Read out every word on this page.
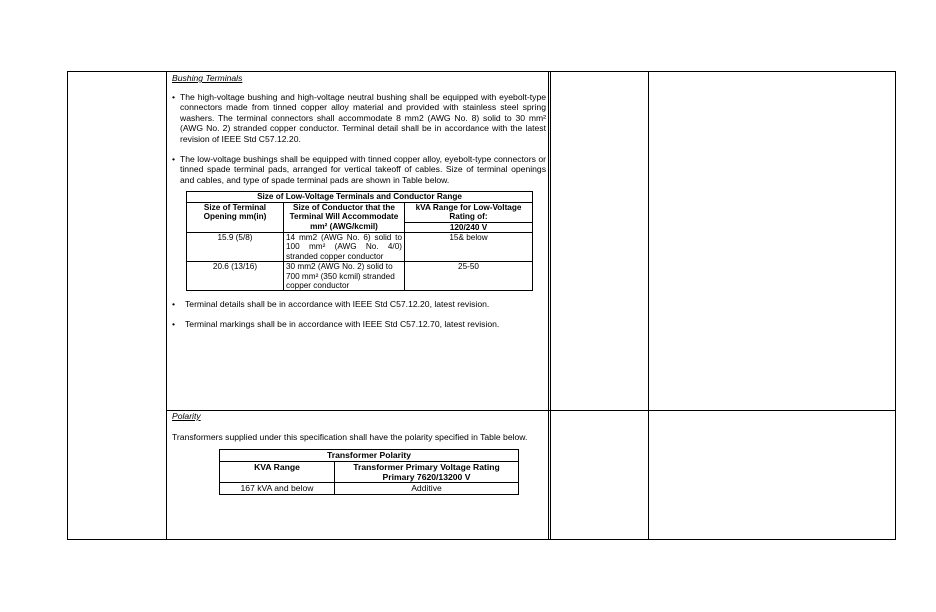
Bushing Terminals
• The high-voltage bushing and high-voltage neutral bushing shall be equipped with eyebolt-type connectors made from tinned copper alloy material and provided with stainless steel spring washers. The terminal connectors shall accommodate 8 mm2 (AWG No. 8) solid to 30 mm² (AWG No. 2) stranded copper conductor. Terminal detail shall be in accordance with the latest revision of IEEE Std C57.12.20.
• The low-voltage bushings shall be equipped with tinned copper alloy, eyebolt-type connectors or tinned spade terminal pads, arranged for vertical takeoff of cables. Size of terminal openings and cables, and type of spade terminal pads are shown in Table below.
Size of Low-Voltage Terminals and Conductor Range		
Size of Terminal Opening mm(in)	Size of Conductor that the Terminal Will Accommodate mm² (AWG/kcmil)	kVA Range for Low-Voltage Rating of:
		120/240 V
15.9 (5/8)	14 mm2 (AWG No. 6) solid to 100 mm² (AWG No. 4/0) stranded copper conductor	15& below
20.6 (13/16)	30 mm2 (AWG No. 2) solid to 700 mm² (350 kcmil) stranded copper conductor	25-50
• Terminal details shall be in accordance with IEEE Std C57.12.20, latest revision.
• Terminal markings shall be in accordance with IEEE Std C57.12.70, latest revision.
Polarity
Transformers supplied under this specification shall have the polarity specified in Table below.
Transformer Polarity	
KVA Range	Transformer Primary Voltage Rating Primary 7620/13200 V
167 kVA and below	Additive
